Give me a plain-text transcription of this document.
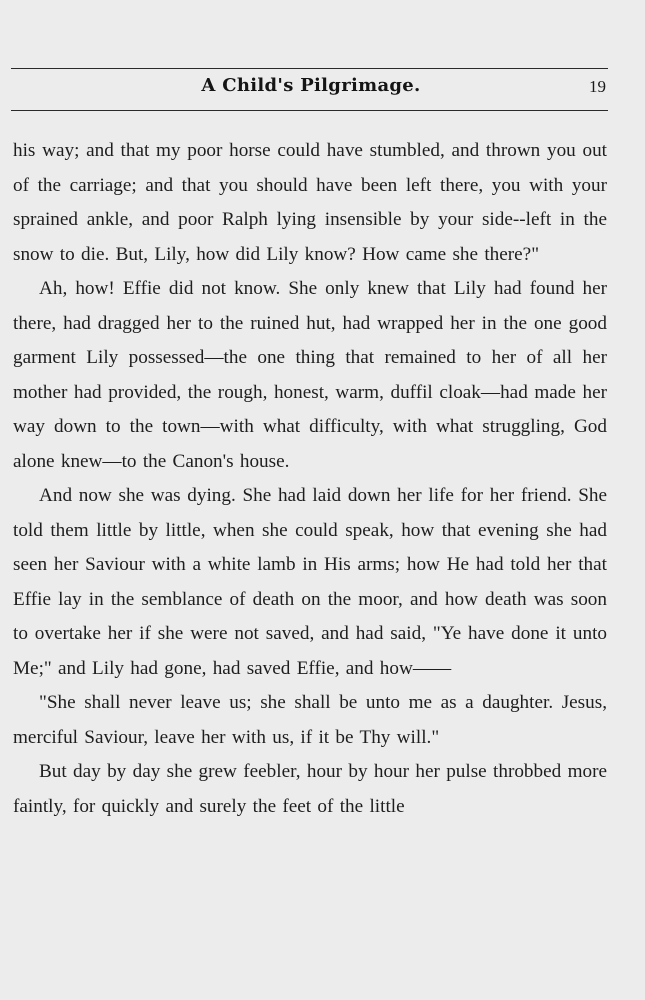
A Child's Pilgrimage.	19

his way; and that my poor horse could have stumbled, and thrown you out of the carriage; and that you should have been left there, you with your sprained ankle, and poor Ralph lying insensible by your side--left in the snow to die. But, Lily, how did Lily know? How came she there?"

Ah, how! Effie did not know. She only knew that Lily had found her there, had dragged her to the ruined hut, had wrapped her in the one good garment Lily possessed—the one thing that remained to her of all her mother had provided, the rough, honest, warm, duffil cloak—had made her way down to the town—with what difficulty, with what struggling, God alone knew—to the Canon's house.

And now she was dying. She had laid down her life for her friend. She told them little by little, when she could speak, how that evening she had seen her Saviour with a white lamb in His arms; how He had told her that Effie lay in the semblance of death on the moor, and how death was soon to overtake her if she were not saved, and had said, "Ye have done it unto Me;" and Lily had gone, had saved Effie, and how——

"She shall never leave us; she shall be unto me as a daughter. Jesus, merciful Saviour, leave her with us, if it be Thy will."

But day by day she grew feebler, hour by hour her pulse throbbed more faintly, for quickly and surely the feet of the little
